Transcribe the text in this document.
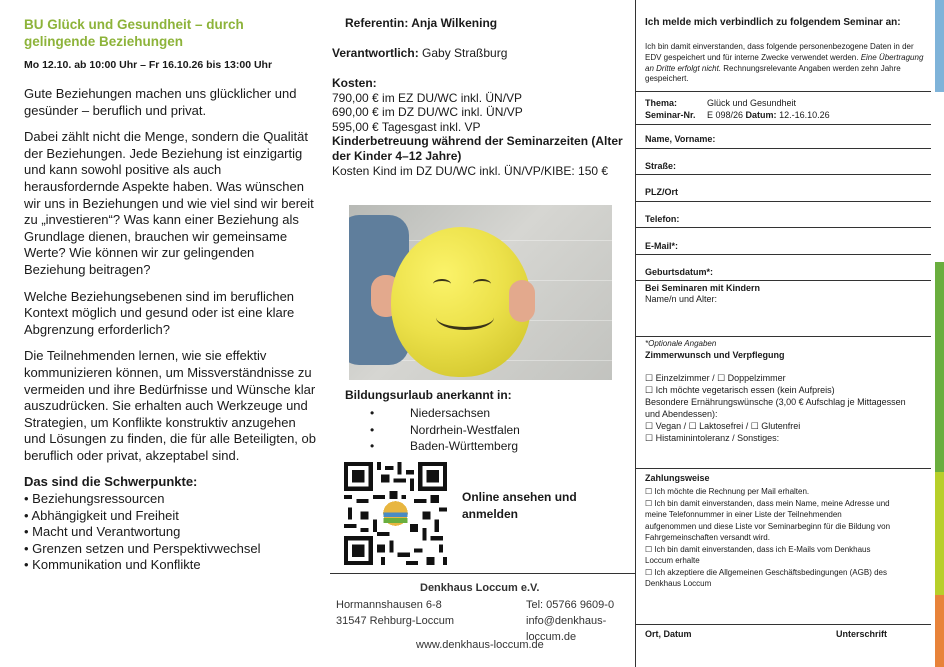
BU Glück und Gesundheit – durch gelingende Beziehungen
Mo 12.10. ab 10:00 Uhr – Fr 16.10.26 bis 13:00 Uhr

Gute Beziehungen machen uns glücklicher und gesünder – beruflich und privat.

Dabei zählt nicht die Menge, sondern die Qualität der Beziehungen. Jede Beziehung ist einzigartig und kann sowohl positive als auch herausfordernde Aspekte haben. Was wünschen wir uns in Beziehungen und wie viel sind wir bereit zu „investieren“? Was kann einer Beziehung als Grundlage dienen, brauchen wir gemeinsame Werte? Wie können wir zur gelingenden Beziehung beitragen?

Welche Beziehungsebenen sind im beruflichen Kontext möglich und gesund oder ist eine klare Abgrenzung erforderlich?

Die Teilnehmenden lernen, wie sie effektiv kommunizieren können, um Missverständnisse zu vermeiden und ihre Bedürfnisse und Wünsche klar auszudrücken. Sie erhalten auch Werkzeuge und Strategien, um Konflikte konstruktiv anzugehen und Lösungen zu finden, die für alle Beteiligten, ob beruflich oder privat, akzeptabel sind.

Das sind die Schwerpunkte:
• Beziehungsressourcen
• Abhängigkeit und Freiheit
• Macht und Verantwortung
• Grenzen setzen und Perspektivwechsel
• Kommunikation und Konflikte
Referentin: Anja Wilkening
Verantwortlich: Gaby Straßburg
Kosten:
790,00 € im EZ DU/WC inkl. ÜN/VP
690,00 € im DZ DU/WC inkl. ÜN/VP
595,00 € Tagesgast inkl. VP
Kinderbetreuung während der Seminarzeiten (Alter der Kinder 4–12 Jahre)
Kosten Kind im DZ DU/WC inkl. ÜN/VP/KIBE: 150 €
Bildungsurlaub anerkannt in:
•	Niedersachsen
•	Nordrhein-Westfalen
•	Baden-Württemberg
Online ansehen und anmelden
Denkhaus Loccum e.V.
Hormannshausen 6-8
31547 Rehburg-Loccum
Tel: 05766 9609-0
info@denkhaus-loccum.de
www.denkhaus-loccum.de
Ich melde mich verbindlich zu folgendem Seminar an:
Ich bin damit einverstanden, dass folgende personenbezogene Daten in der EDV gespeichert und für interne Zwecke verwendet werden. Eine Übertragung an Dritte erfolgt nicht. Rechnungsrelevante Angaben werden zehn Jahre gespeichert.
Thema:	Glück und Gesundheit
Seminar-Nr. E 098/26 Datum: 12.-16.10.26
Name, Vorname:
Straße:
PLZ/Ort
Telefon:
E-Mail*:
Geburtsdatum*:
Bei Seminaren mit Kindern
Name/n und Alter:
*Optionale Angaben
Zimmerwunsch und Verpflegung
☐ Einzelzimmer / ☐ Doppelzimmer
☐ Ich möchte vegetarisch essen (kein Aufpreis)
Besondere Ernährungswünsche (3,00 € Aufschlag je Mittagessen und Abendessen):
☐ Vegan / ☐ Laktosefrei / ☐ Glutenfrei
☐ Histaminintoleranz / Sonstiges:
Zahlungsweise
☐ Ich möchte die Rechnung per Mail erhalten.
☐ Ich bin damit einverstanden, dass mein Name, meine Adresse und meine Telefonnummer in einer Liste der Teilnehmenden aufgenommen und diese Liste vor Seminarbeginn für die Bildung von Fahrgemeinschaften versandt wird.
☐ Ich bin damit einverstanden, dass ich E-Mails vom Denkhaus Loccum erhalte
☐ Ich akzeptiere die Allgemeinen Geschäftsbedingungen (AGB) des Denkhaus Loccum
Ort, Datum	Unterschrift
